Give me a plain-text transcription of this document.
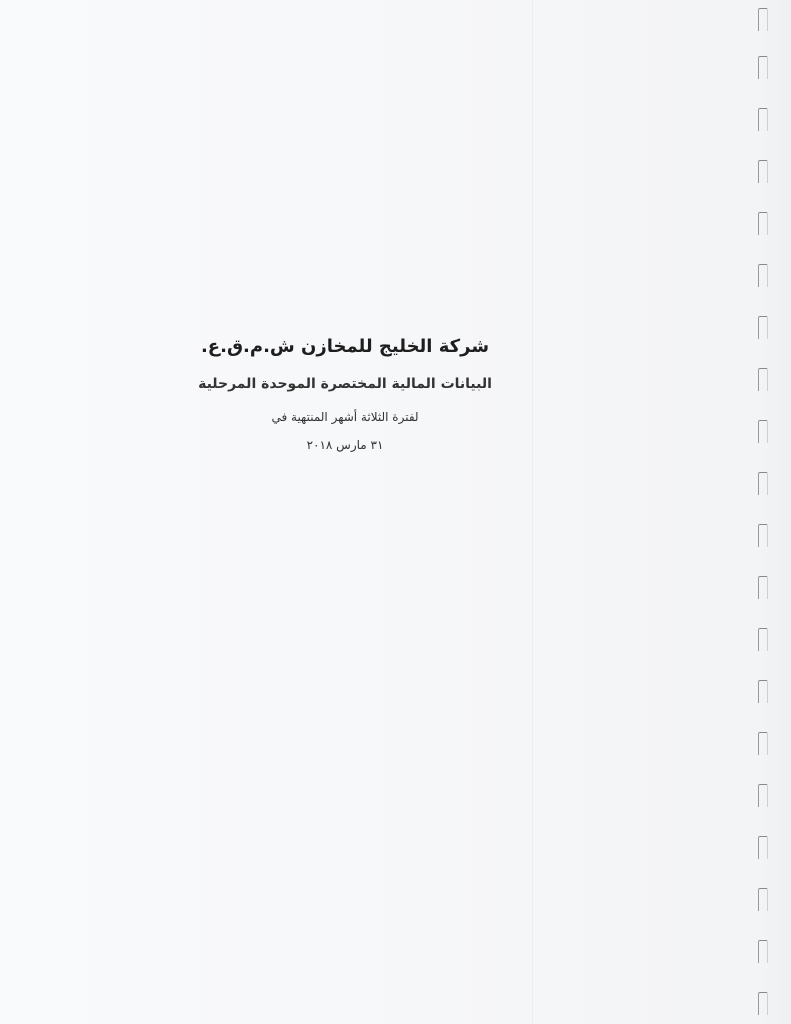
شركة الخليج للمخازن ش.م.ق.ع.

البيانات المالية المختصرة الموحدة المرحلية

لفترة الثلاثة أشهر المنتهية في

٣١ مارس ٢٠١٨
